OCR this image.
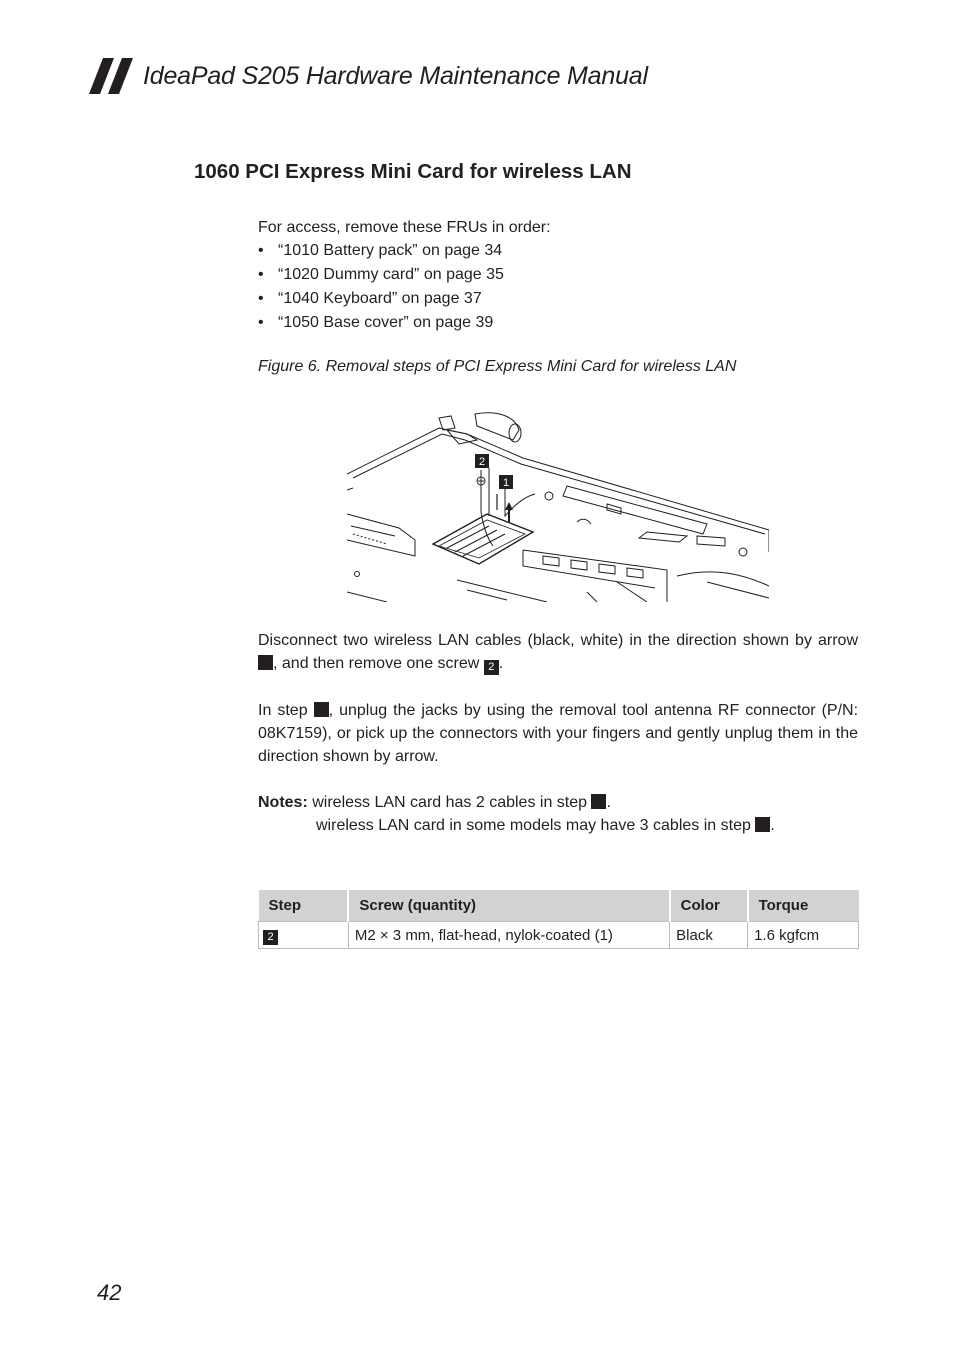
IdeaPad S205 Hardware Maintenance Manual
1060 PCI Express Mini Card for wireless LAN
For access, remove these FRUs in order:
• “1010 Battery pack” on page 34
• “1020 Dummy card” on page 35
• “1040 Keyboard” on page 37
• “1050 Base cover” on page 39
Figure 6. Removal steps of PCI Express Mini Card for wireless LAN
2
1
Disconnect two wireless LAN cables (black, white) in the direction shown by arrow , and then remove one screw 2 .
In step , unplug the jacks by using the removal tool antenna RF connector (P/N: 08K7159), or pick up the connectors with your fingers and gently unplug them in the direction shown by arrow.
Notes: wireless LAN card has 2 cables in step .
wireless LAN card in some models may have 3 cables in step .
Step	Screw (quantity)	Color	Torque
2	M2 × 3 mm, flat-head, nylok-coated (1)	Black	1.6 kgfcm
42
